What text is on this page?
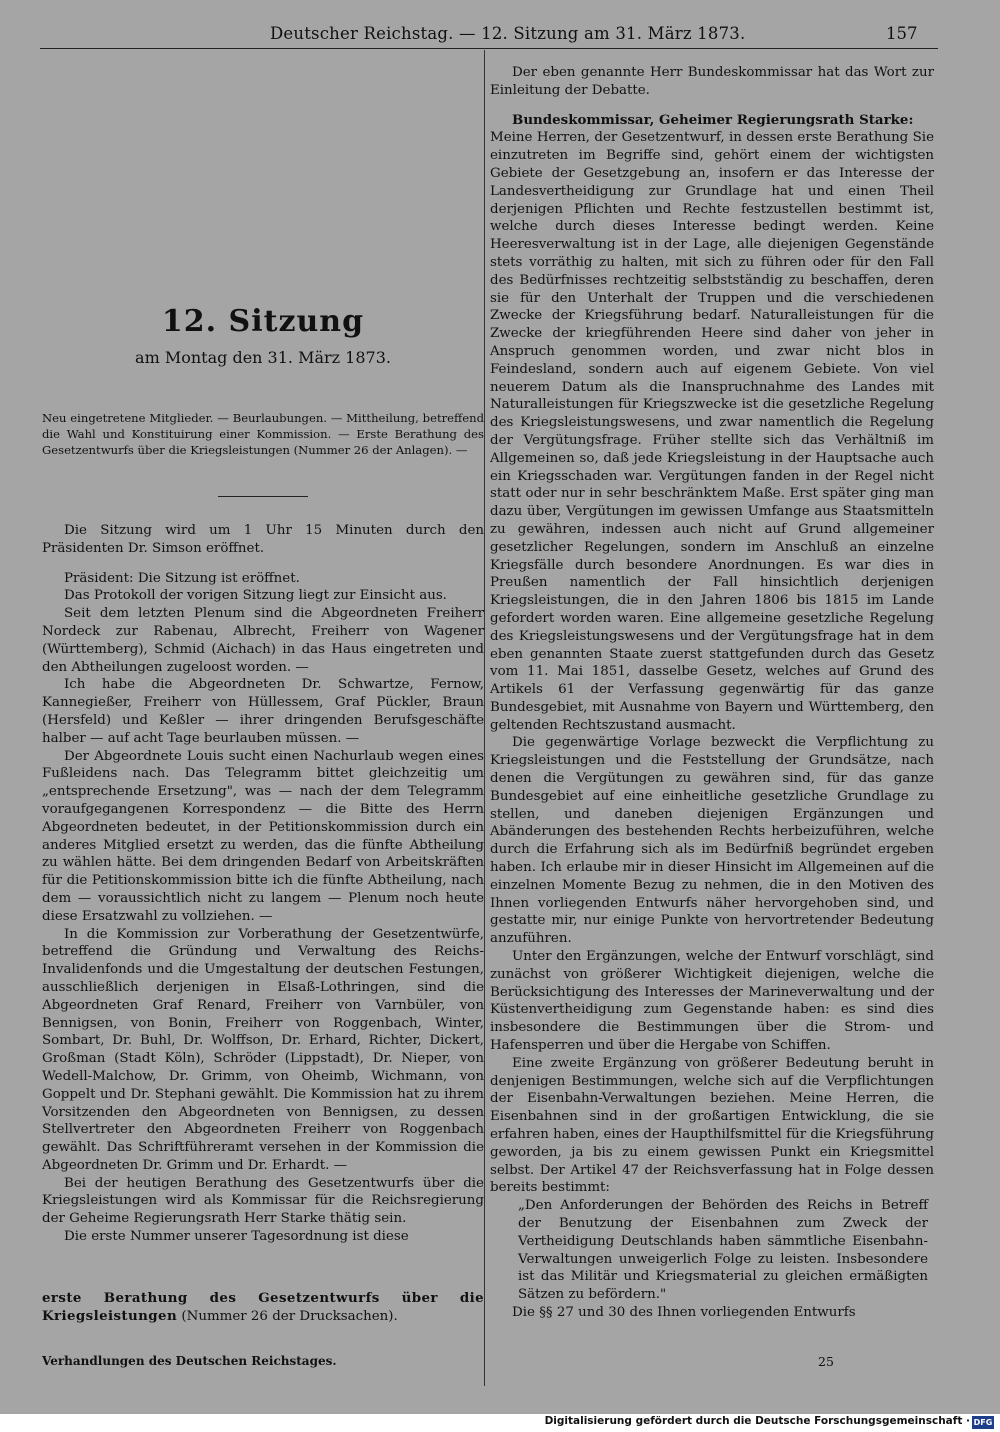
Deutscher Reichstag. — 12. Sitzung am 31. März 1873.	157
12. Sitzung
am Montag den 31. März 1873.
Neu eingetretene Mitglieder. — Beurlaubungen. — Mittheilung, betreffend die Wahl und Konstituirung einer Kommission. — Erste Berathung des Gesetzentwurfs über die Kriegsleistungen (Nummer 26 der Anlagen). —

Die Sitzung wird um 1 Uhr 15 Minuten durch den Präsidenten Dr. Simson eröffnet.

Präsident: Die Sitzung ist eröffnet.

Das Protokoll der vorigen Sitzung liegt zur Einsicht aus.

Seit dem letzten Plenum sind die Abgeordneten Freiherr Nordeck zur Rabenau, Albrecht, Freiherr von Wagener (Württemberg), Schmid (Aichach) in das Haus eingetreten und den Abtheilungen zugeloost worden. —

Ich habe die Abgeordneten Dr. Schwartze, Fernow, Kannegießer, Freiherr von Hüllessem, Graf Pückler, Braun (Hersfeld) und Keßler — ihrer dringenden Berufsgeschäfte halber — auf acht Tage beurlauben müssen. —

Der Abgeordnete Louis sucht einen Nachurlaub wegen eines Fußleidens nach. Das Telegramm bittet gleichzeitig um „entsprechende Ersetzung", was — nach der dem Telegramm voraufgegangenen Korrespondenz — die Bitte des Herrn Abgeordneten bedeutet, in der Petitionskommission durch ein anderes Mitglied ersetzt zu werden, das die fünfte Abtheilung zu wählen hätte. Bei dem dringenden Bedarf von Arbeitskräften für die Petitionskommission bitte ich die fünfte Abtheilung, nach dem — voraussichtlich nicht zu langem — Plenum noch heute diese Ersatzwahl zu vollziehen. —

In die Kommission zur Vorberathung der Gesetzentwürfe, betreffend die Gründung und Verwaltung des Reichs-Invalidenfonds und die Umgestaltung der deutschen Festungen, ausschließlich derjenigen in Elsaß-Lothringen, sind die Abgeordneten Graf Renard, Freiherr von Varnbüler, von Bennigsen, von Bonin, Freiherr von Roggenbach, Winter, Sombart, Dr. Buhl, Dr. Wolffson, Dr. Erhard, Richter, Dickert, Großman (Stadt Köln), Schröder (Lippstadt), Dr. Nieper, von Wedell-Malchow, Dr. Grimm, von Oheimb, Wichmann, von Goppelt und Dr. Stephani gewählt. Die Kommission hat zu ihrem Vorsitzenden den Abgeordneten von Bennigsen, zu dessen Stellvertreter den Abgeordneten Freiherr von Roggenbach gewählt. Das Schriftführeramt versehen in der Kommission die Abgeordneten Dr. Grimm und Dr. Erhardt. —

Bei der heutigen Berathung des Gesetzentwurfs über die Kriegsleistungen wird als Kommissar für die Reichsregierung der Geheime Regierungsrath Herr Starke thätig sein.

Die erste Nummer unserer Tagesordnung ist diese

erste Berathung des Gesetzentwurfs über die Kriegsleistungen (Nummer 26 der Drucksachen).
Verhandlungen des Deutschen Reichstages.

Der eben genannte Herr Bundeskommissar hat das Wort zur Einleitung der Debatte.

Bundeskommissar, Geheimer Regierungsrath Starke:

Meine Herren, der Gesetzentwurf, in dessen erste Berathung Sie einzutreten im Begriffe sind, gehört einem der wichtigsten Gebiete der Gesetzgebung an, insofern er das Interesse der Landesvertheidigung zur Grundlage hat und einen Theil derjenigen Pflichten und Rechte festzustellen bestimmt ist, welche durch dieses Interesse bedingt werden. Keine Heeresverwaltung ist in der Lage, alle diejenigen Gegenstände stets vorräthig zu halten, mit sich zu führen oder für den Fall des Bedürfnisses rechtzeitig selbstständig zu beschaffen, deren sie für den Unterhalt der Truppen und die verschiedenen Zwecke der Kriegsführung bedarf. Naturalleistungen für die Zwecke der kriegführenden Heere sind daher von jeher in Anspruch genommen worden, und zwar nicht blos in Feindesland, sondern auch auf eigenem Gebiete. Von viel neuerem Datum als die Inanspruchnahme des Landes mit Naturalleistungen für Kriegszwecke ist die gesetzliche Regelung des Kriegsleistungswesens, und zwar namentlich die Regelung der Vergütungsfrage. Früher stellte sich das Verhältniß im Allgemeinen so, daß jede Kriegsleistung in der Hauptsache auch ein Kriegsschaden war. Vergütungen fanden in der Regel nicht statt oder nur in sehr beschränktem Maße. Erst später ging man dazu über, Vergütungen im gewissen Umfange aus Staatsmitteln zu gewähren, indessen auch nicht auf Grund allgemeiner gesetzlicher Regelungen, sondern im Anschluß an einzelne Kriegsfälle durch besondere Anordnungen. Es war dies in Preußen namentlich der Fall hinsichtlich derjenigen Kriegsleistungen, die in den Jahren 1806 bis 1815 im Lande gefordert worden waren. Eine allgemeine gesetzliche Regelung des Kriegsleistungswesens und der Vergütungsfrage hat in dem eben genannten Staate zuerst stattgefunden durch das Gesetz vom 11. Mai 1851, dasselbe Gesetz, welches auf Grund des Artikels 61 der Verfassung gegenwärtig für das ganze Bundesgebiet, mit Ausnahme von Bayern und Württemberg, den geltenden Rechtszustand ausmacht.

Die gegenwärtige Vorlage bezweckt die Verpflichtung zu Kriegsleistungen und die Feststellung der Grundsätze, nach denen die Vergütungen zu gewähren sind, für das ganze Bundesgebiet auf eine einheitliche gesetzliche Grundlage zu stellen, und daneben diejenigen Ergänzungen und Abänderungen des bestehenden Rechts herbeizuführen, welche durch die Erfahrung sich als im Bedürfniß begründet ergeben haben. Ich erlaube mir in dieser Hinsicht im Allgemeinen auf die einzelnen Momente Bezug zu nehmen, die in den Motiven des Ihnen vorliegenden Entwurfs näher hervorgehoben sind, und gestatte mir, nur einige Punkte von hervortretender Bedeutung anzuführen.

Unter den Ergänzungen, welche der Entwurf vorschlägt, sind zunächst von größerer Wichtigkeit diejenigen, welche die Berücksichtigung des Interesses der Marineverwaltung und der Küstenvertheidigung zum Gegenstande haben: es sind dies insbesondere die Bestimmungen über die Strom- und Hafensperren und über die Hergabe von Schiffen.

Eine zweite Ergänzung von größerer Bedeutung beruht in denjenigen Bestimmungen, welche sich auf die Verpflichtungen der Eisenbahn-Verwaltungen beziehen. Meine Herren, die Eisenbahnen sind in der großartigen Entwicklung, die sie erfahren haben, eines der Haupthilfsmittel für die Kriegsführung geworden, ja bis zu einem gewissen Punkt ein Kriegsmittel selbst. Der Artikel 47 der Reichsverfassung hat in Folge dessen bereits bestimmt:

„Den Anforderungen der Behörden des Reichs in Betreff der Benutzung der Eisenbahnen zum Zweck der Vertheidigung Deutschlands haben sämmtliche Eisenbahn-Verwaltungen unweigerlich Folge zu leisten. Insbesondere ist das Militär und Kriegsmaterial zu gleichen ermäßigten Sätzen zu befördern."

Die §§ 27 und 30 des Ihnen vorliegenden Entwurfs

25
Digitalisierung gefördert durch die Deutsche Forschungsgemeinschaft · DFG
